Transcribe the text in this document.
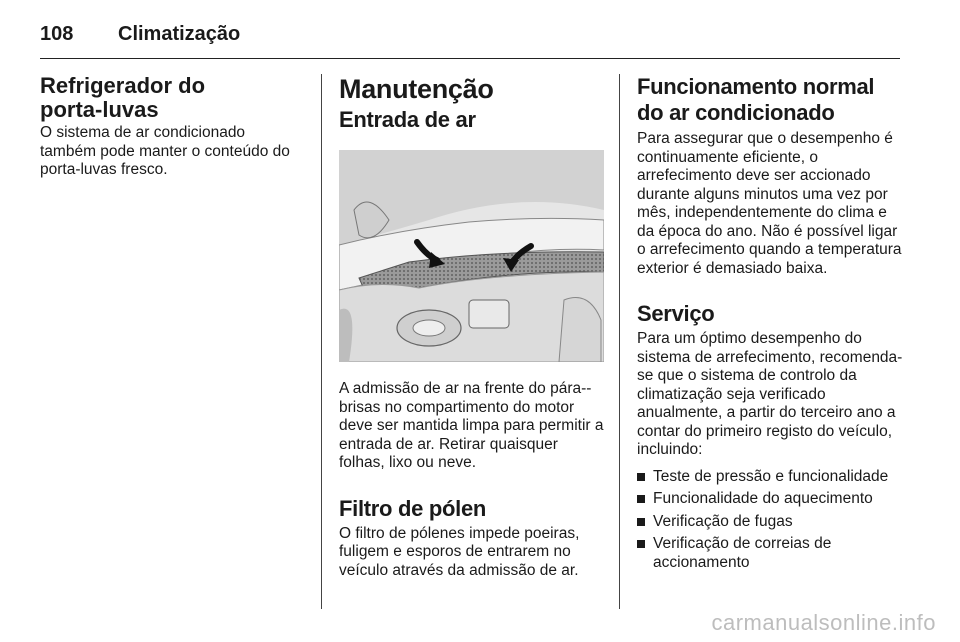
108	Climatização
Refrigerador do
porta-luvas

O sistema de ar condicionado também pode manter o conteúdo do porta-luvas fresco.

Manutenção
Entrada de ar

A admissão de ar na frente do pára--brisas no compartimento do motor deve ser mantida limpa para permitir a entrada de ar. Retirar quaisquer folhas, lixo ou neve.

Filtro de pólen

O filtro de pólenes impede poeiras, fuligem e esporos de entrarem no veículo através da admissão de ar.

Funcionamento normal do ar condicionado

Para assegurar que o desempenho é continuamente eficiente, o arrefecimento deve ser accionado durante alguns minutos uma vez por mês, independentemente do clima e da época do ano. Não é possível ligar o arrefecimento quando a temperatura exterior é demasiado baixa.

Serviço

Para um óptimo desempenho do sistema de arrefecimento, recomenda-se que o sistema de controlo da climatização seja verificado anualmente, a partir do terceiro ano a contar do primeiro registo do veículo, incluindo:

Teste de pressão e funcionalidade
Funcionalidade do aquecimento
Verificação de fugas
Verificação de correias de accionamento
carmanualsonline.info
